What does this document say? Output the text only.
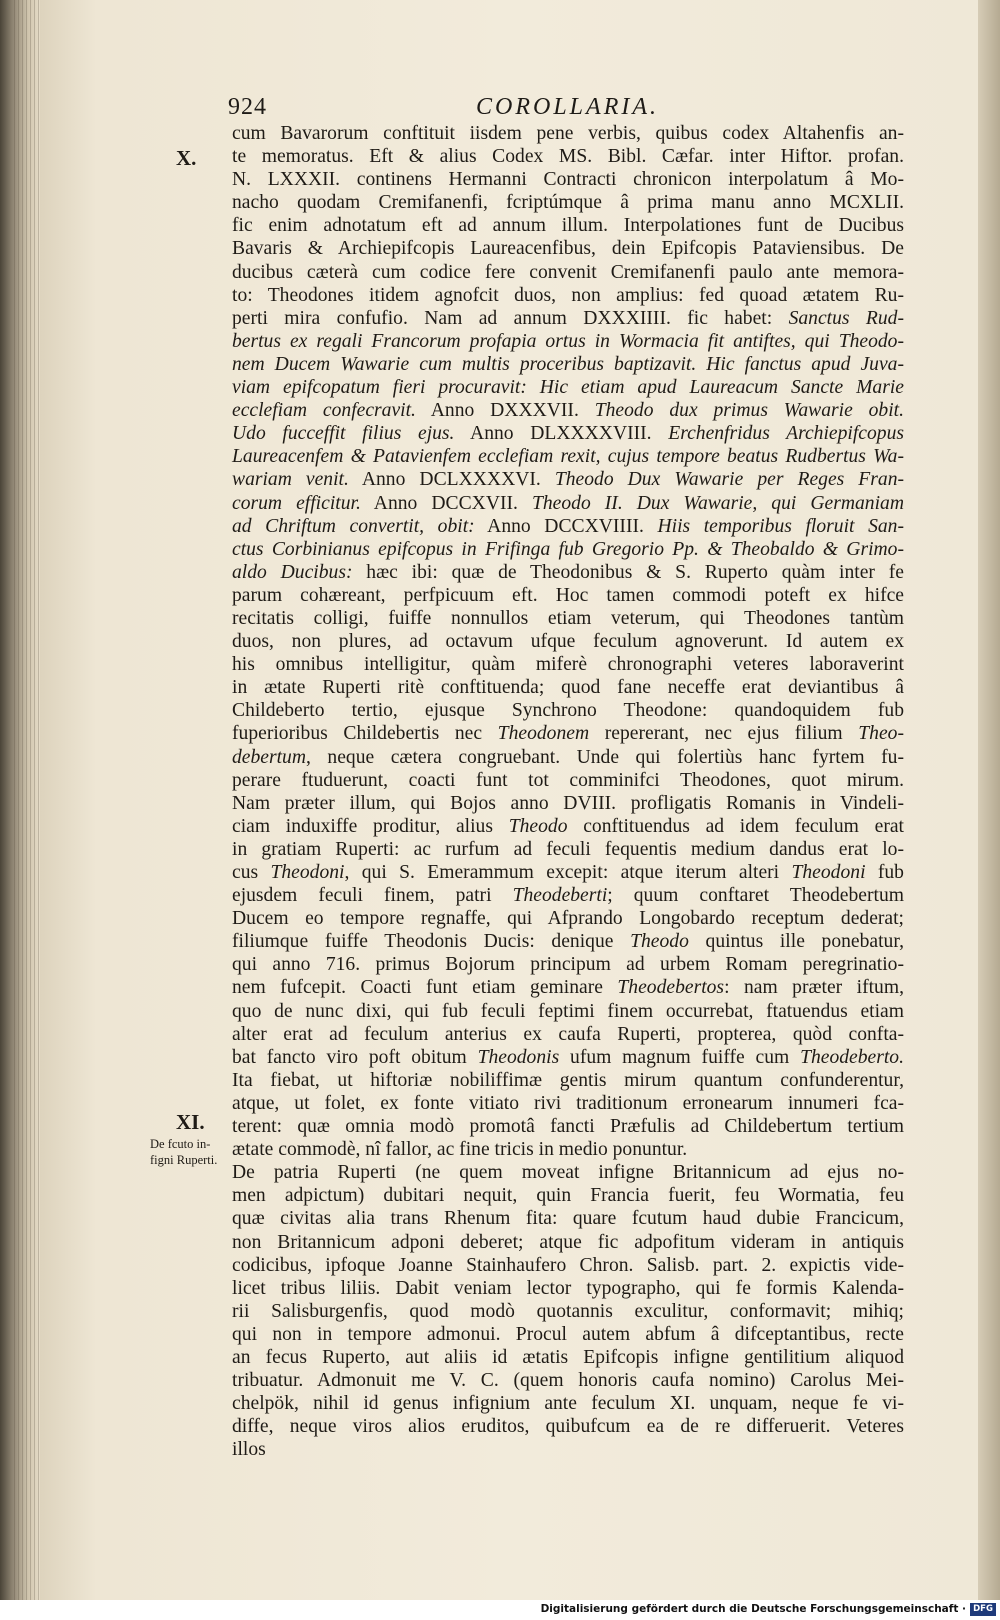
924	COROLLARIA.
X.
XI.
De fcuto in-
figni Ruperti.
cum Bavarorum conftituit iisdem pene verbis, quibus codex Altahenfis an-
te memoratus. Eft & alius Codex MS. Bibl. Cæfar. inter Hiftor. profan.
N. LXXXII. continens Hermanni Contracti chronicon interpolatum â Mo-
nacho quodam Cremifanenfi, fcriptúmque â prima manu anno MCXLII.
fic enim adnotatum eft ad annum illum. Interpolationes funt de Ducibus
Bavaris & Archiepifcopis Laureacenfibus, dein Epifcopis Pataviensibus. De
ducibus cæterà cum codice fere convenit Cremifanenfi paulo ante memora-
to: Theodones itidem agnofcit duos, non amplius: fed quoad ætatem Ru-
perti mira confufio. Nam ad annum DXXXIIII. fic habet: Sanctus Rud-
bertus ex regali Francorum profapia ortus in Wormacia fit antiftes, qui Theodo-
nem Ducem Wawarie cum multis proceribus baptizavit. Hic fanctus apud Juva-
viam epifcopatum fieri procuravit: Hic etiam apud Laureacum Sancte Marie
ecclefiam confecravit. Anno DXXXVII. Theodo dux primus Wawarie obit.
Udo fucceffit filius ejus. Anno DLXXXXVIII. Erchenfridus Archiepifcopus
Laureacenfem & Patavienfem ecclefiam rexit, cujus tempore beatus Rudbertus Wa-
wariam venit. Anno DCLXXXXVI. Theodo Dux Wawarie per Reges Fran-
corum efficitur. Anno DCCXVII. Theodo II. Dux Wawarie, qui Germaniam
ad Chriftum convertit, obit: Anno DCCXVIIII. Hiis temporibus floruit San-
ctus Corbinianus epifcopus in Frifinga fub Gregorio Pp. & Theobaldo & Grimo-
aldo Ducibus: hæc ibi: quæ de Theodonibus & S. Ruperto quàm inter fe
parum cohæreant, perfpicuum eft. Hoc tamen commodi poteft ex hifce
recitatis colligi, fuiffe nonnullos etiam veterum, qui Theodones tantùm
duos, non plures, ad octavum ufque feculum agnoverunt. Id autem ex
his omnibus intelligitur, quàm miferè chronographi veteres laboraverint
in ætate Ruperti ritè conftituenda; quod fane neceffe erat deviantibus â
Childeberto tertio, ejusque Synchrono Theodone: quandoquidem fub
fuperioribus Childebertis nec Theodonem repererant, nec ejus filium Theo-
debertum, neque cætera congruebant. Unde qui folertiùs hanc fyrtem fu-
perare ftuduerunt, coacti funt tot comminifci Theodones, quot mirum.
Nam præter illum, qui Bojos anno DVIII. profligatis Romanis in Vindeli-
ciam induxiffe proditur, alius Theodo conftituendus ad idem feculum erat
in gratiam Ruperti: ac rurfum ad feculi fequentis medium dandus erat lo-
cus Theodoni, qui S. Emerammum excepit: atque iterum alteri Theodoni fub
ejusdem feculi finem, patri Theodeberti; quum conftaret Theodebertum
Ducem eo tempore regnaffe, qui Afprando Longobardo receptum dederat;
filiumque fuiffe Theodonis Ducis: denique Theodo quintus ille ponebatur,
qui anno 716. primus Bojorum principum ad urbem Romam peregrinatio-
nem fufcepit. Coacti funt etiam geminare Theodebertos: nam præter iftum,
quo de nunc dixi, qui fub feculi feptimi finem occurrebat, ftatuendus etiam
alter erat ad feculum anterius ex caufa Ruperti, propterea, quòd confta-
bat fancto viro poft obitum Theodonis ufum magnum fuiffe cum Theodeberto.
Ita fiebat, ut hiftoriæ nobiliffimæ gentis mirum quantum confunderentur,
atque, ut folet, ex fonte vitiato rivi traditionum erronearum innumeri fca-
terent: quæ omnia modò promotâ fancti Præfulis ad Childebertum tertium
ætate commodè, nî fallor, ac fine tricis in medio ponuntur.
De patria Ruperti (ne quem moveat infigne Britannicum ad ejus no-
men adpictum) dubitari nequit, quin Francia fuerit, feu Wormatia, feu
quæ civitas alia trans Rhenum fita: quare fcutum haud dubie Francicum,
non Britannicum adponi deberet; atque fic adpofitum videram in antiquis
codicibus, ipfoque Joanne Stainhaufero Chron. Salisb. part. 2. expictis vide-
licet tribus liliis. Dabit veniam lector typographo, qui fe formis Kalenda-
rii Salisburgenfis, quod modò quotannis exculitur, conformavit; mihiq;
qui non in tempore admonui. Procul autem abfum â difceptantibus, recte
an fecus Ruperto, aut aliis id ætatis Epifcopis infigne gentilitium aliquod
tribuatur. Admonuit me V. C. (quem honoris caufa nomino) Carolus Mei-
chelpök, nihil id genus infignium ante feculum XI. unquam, neque fe vi-
diffe, neque viros alios eruditos, quibufcum ea de re differuerit. Veteres
illos
Digitalisierung gefördert durch die Deutsche Forschungsgemeinschaft · DFG
